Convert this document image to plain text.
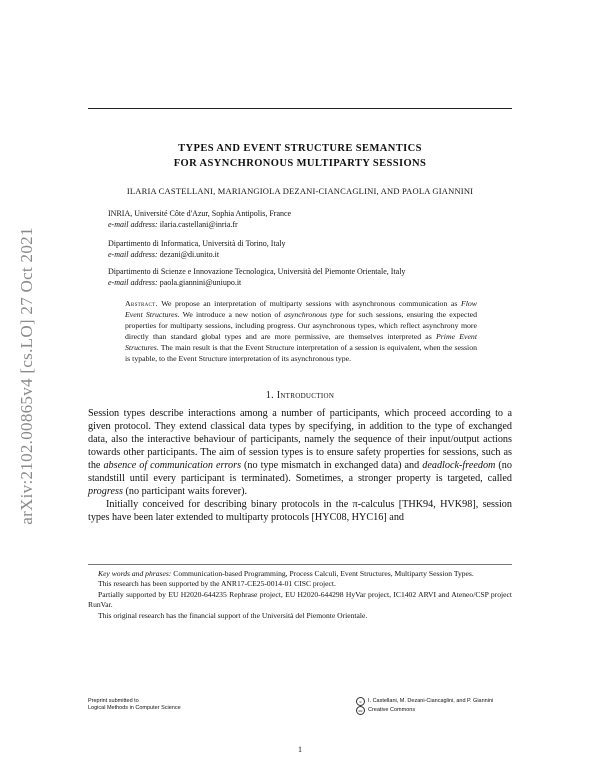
arXiv:2102.00865v4 [cs.LO] 27 Oct 2021
TYPES AND EVENT STRUCTURE SEMANTICS
FOR ASYNCHRONOUS MULTIPARTY SESSIONS
ILARIA CASTELLANI, MARIANGIOLA DEZANI-CIANCAGLINI, AND PAOLA GIANNINI
INRIA, Université Côte d'Azur, Sophia Antipolis, France
e-mail address: ilaria.castellani@inria.fr
Dipartimento di Informatica, Università di Torino, Italy
e-mail address: dezani@di.unito.it
Dipartimento di Scienze e Innovazione Tecnologica, Università del Piemonte Orientale, Italy
e-mail address: paola.giannini@uniupo.it
Abstract. We propose an interpretation of multiparty sessions with asynchronous communication as Flow Event Structures. We introduce a new notion of asynchronous type for such sessions, ensuring the expected properties for multiparty sessions, including progress. Our asynchronous types, which reflect asynchrony more directly than standard global types and are more permissive, are themselves interpreted as Prime Event Structures. The main result is that the Event Structure interpretation of a session is equivalent, when the session is typable, to the Event Structure interpretation of its asynchronous type.
1. Introduction

Session types describe interactions among a number of participants, which proceed according to a given protocol. They extend classical data types by specifying, in addition to the type of exchanged data, also the interactive behaviour of participants, namely the sequence of their input/output actions towards other participants. The aim of session types is to ensure safety properties for sessions, such as the absence of communication errors (no type mismatch in exchanged data) and deadlock-freedom (no standstill until every participant is terminated). Sometimes, a stronger property is targeted, called progress (no participant waits forever).

Initially conceived for describing binary protocols in the π-calculus [THK94, HVK98], session types have been later extended to multiparty protocols [HYC08, HYC16] and

Key words and phrases: Communication-based Programming, Process Calculi, Event Structures, Multiparty Session Types.

This research has been supported by the ANR17-CE25-0014-01 CISC project.

Partially supported by EU H2020-644235 Rephrase project, EU H2020-644298 HyVar project, IC1402 ARVI and Ateneo/CSP project RunVar.

This original research has the financial support of the Università del Piemonte Orientale.

Preprint submitted to
Logical Methods in Computer Science
c	I. Castellani, M. Dezani-Ciancaglini, and P. Giannini
cc	Creative Commons
1
